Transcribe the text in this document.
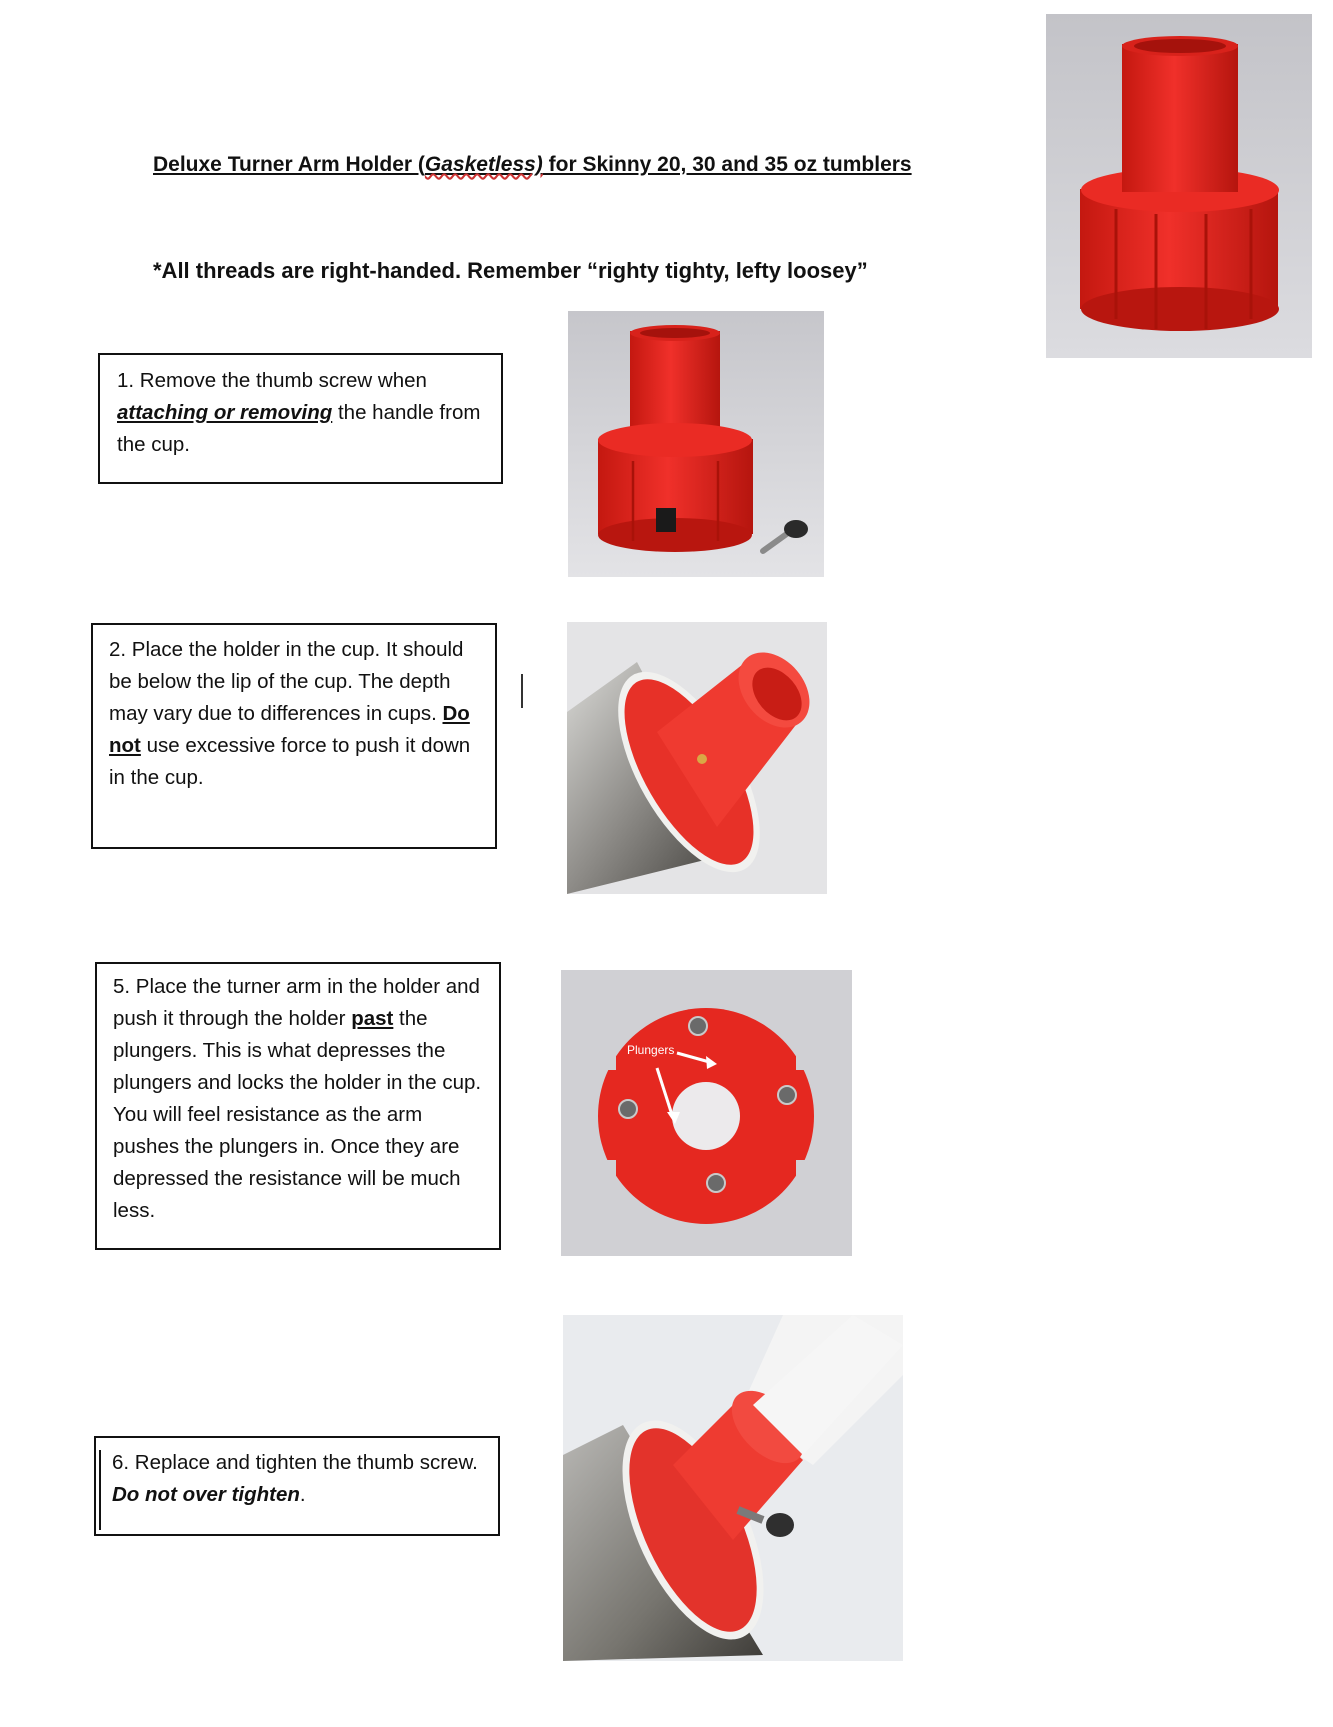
Deluxe Turner Arm Holder (Gasketless) for Skinny 20, 30 and 35 oz tumblers
*All threads are right-handed. Remember “righty tighty, lefty loosey”
1. Remove the thumb screw when attaching or removing the handle from the cup.
2. Place the holder in the cup. It should be below the lip of the cup. The depth may vary due to differences in cups. Do not use excessive force to push it down in the cup.
5. Place the turner arm in the holder and push it through the holder past the plungers. This is what depresses the plungers and locks the holder in the cup. You will feel resistance as the arm pushes the plungers in. Once they are depressed the resistance will be much less.
Plungers
6. Replace and tighten the thumb screw. Do not over tighten.
